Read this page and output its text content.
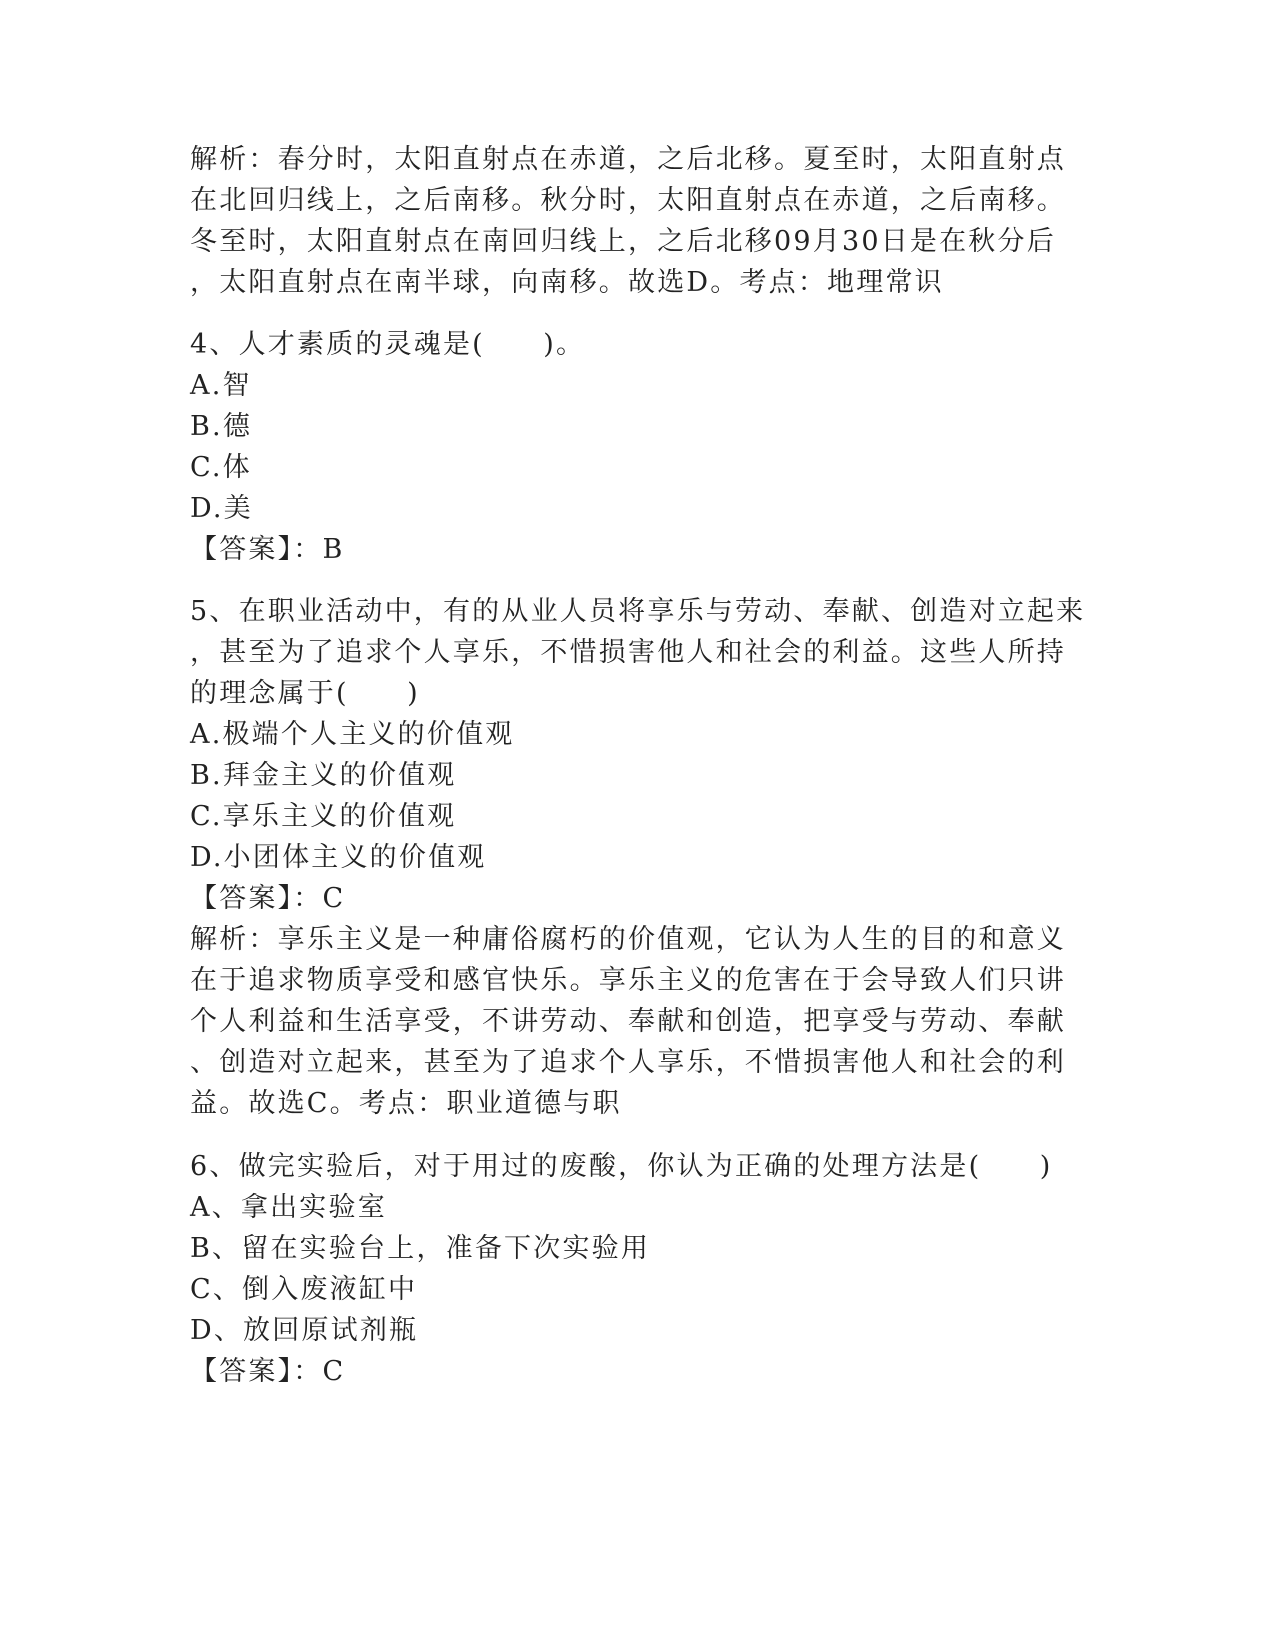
解析：春分时，太阳直射点在赤道，之后北移。夏至时，太阳直射点
在北回归线上，之后南移。秋分时，太阳直射点在赤道，之后南移。
冬至时，太阳直射点在南回归线上，之后北移09月30日是在秋分后
，太阳直射点在南半球，向南移。故选D。考点：地理常识
4、人才素质的灵魂是(　　)。
A.智
B.德
C.体
D.美
【答案】：B
5、在职业活动中，有的从业人员将享乐与劳动、奉献、创造对立起来
，甚至为了追求个人享乐，不惜损害他人和社会的利益。这些人所持
的理念属于(　　)
A.极端个人主义的价值观
B.拜金主义的价值观
C.享乐主义的价值观
D.小团体主义的价值观
【答案】：C
解析：享乐主义是一种庸俗腐朽的价值观，它认为人生的目的和意义
在于追求物质享受和感官快乐。享乐主义的危害在于会导致人们只讲
个人利益和生活享受，不讲劳动、奉献和创造，把享受与劳动、奉献
、创造对立起来，甚至为了追求个人享乐，不惜损害他人和社会的利
益。故选C。考点：职业道德与职
6、做完实验后，对于用过的废酸，你认为正确的处理方法是(　　)
A、拿出实验室
B、留在实验台上，准备下次实验用
C、倒入废液缸中
D、放回原试剂瓶
【答案】：C
